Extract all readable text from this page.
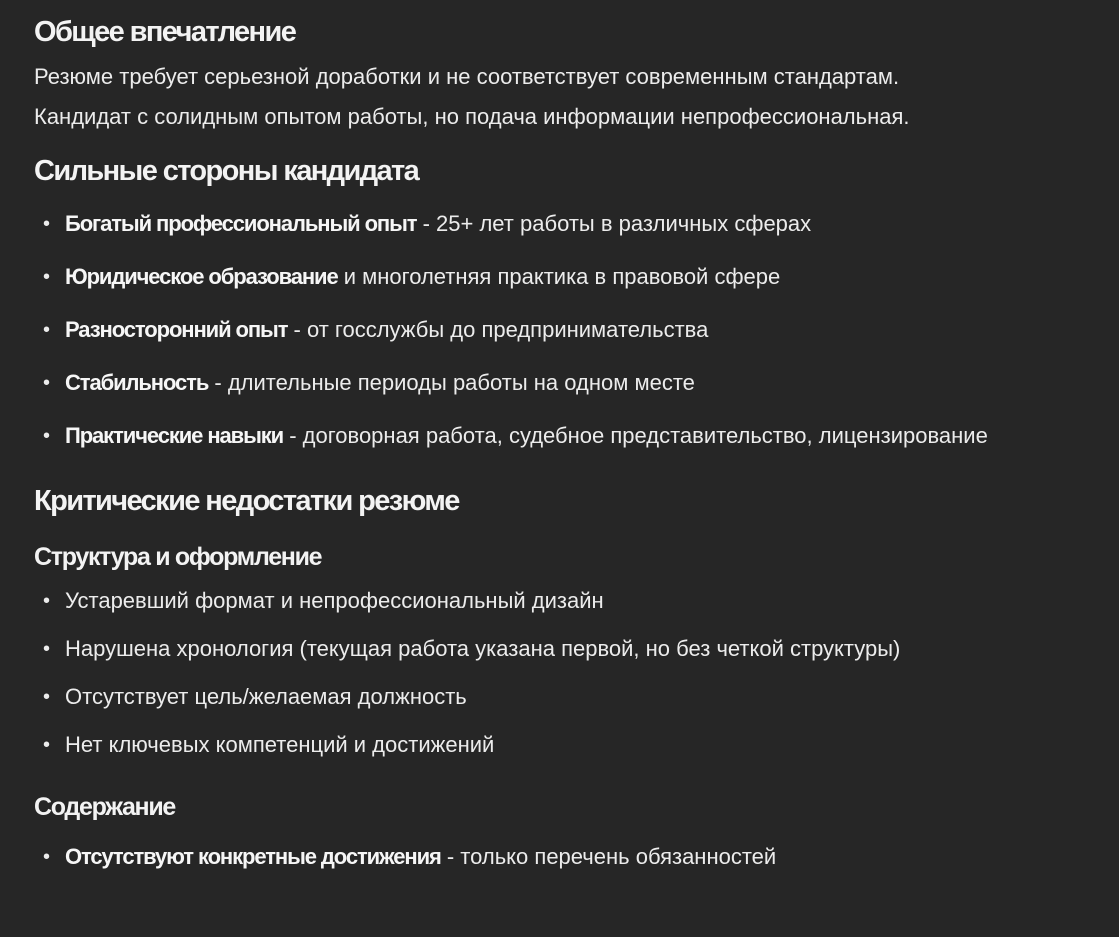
Общее впечатление
Резюме требует серьезной доработки и не соответствует современным стандартам.
Кандидат с солидным опытом работы, но подача информации непрофессиональная.
Сильные стороны кандидата
• Богатый профессиональный опыт - 25+ лет работы в различных сферах
• Юридическое образование и многолетняя практика в правовой сфере
• Разносторонний опыт - от госслужбы до предпринимательства
• Стабильность - длительные периоды работы на одном месте
• Практические навыки - договорная работа, судебное представительство, лицензирование
Критические недостатки резюме
Структура и оформление
• Устаревший формат и непрофессиональный дизайн
• Нарушена хронология (текущая работа указана первой, но без четкой структуры)
• Отсутствует цель/желаемая должность
• Нет ключевых компетенций и достижений
Содержание
• Отсутствуют конкретные достижения - только перечень обязанностей
